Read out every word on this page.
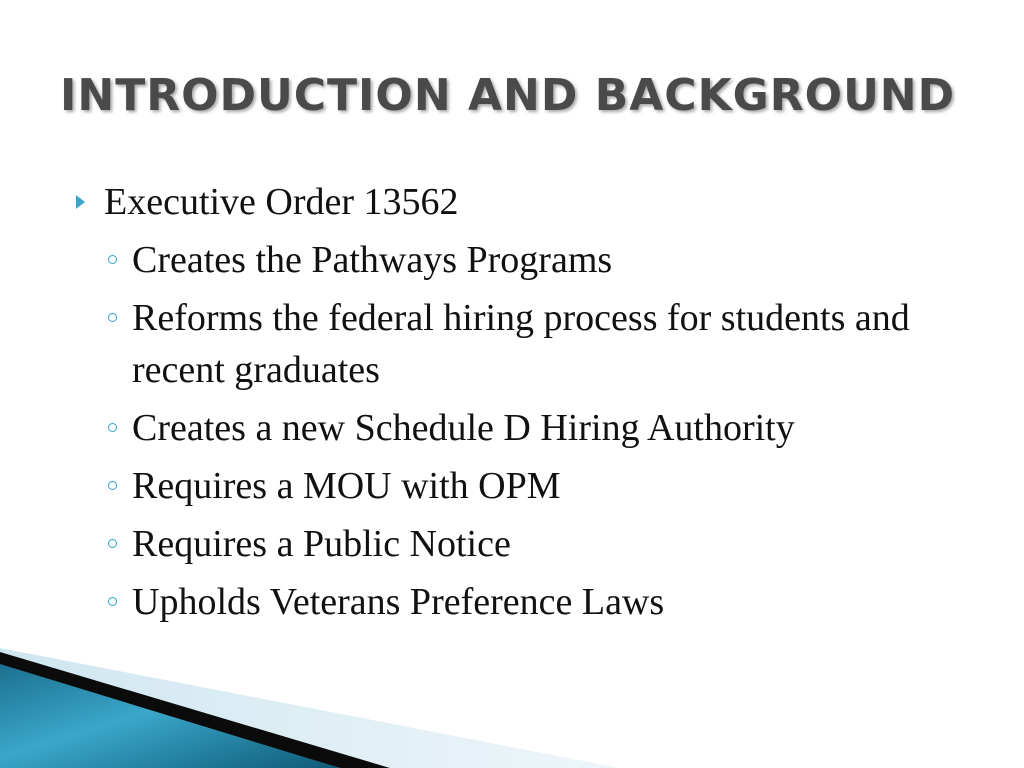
INTRODUCTION AND BACKGROUND
Executive Order 13562
Creates the Pathways Programs
Reforms the federal hiring process for students and recent graduates
Creates a new Schedule D Hiring Authority
Requires a MOU with OPM
Requires a Public Notice
Upholds Veterans Preference Laws
